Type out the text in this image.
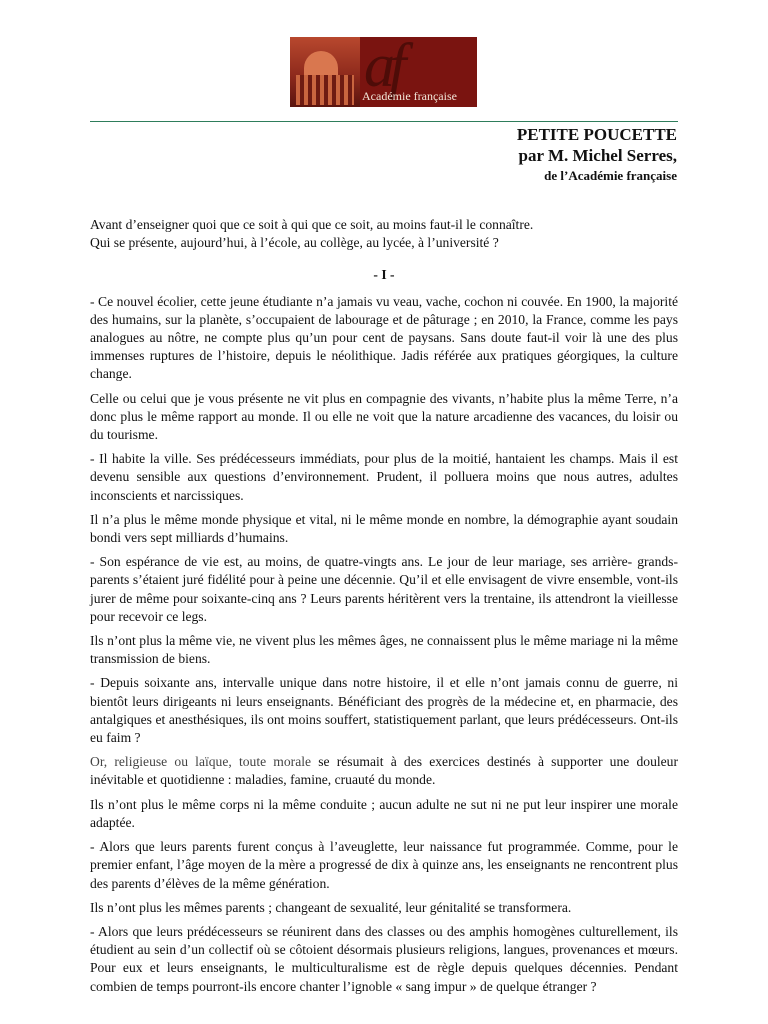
af
Académie française
PETITE POUCETTE
par M. Michel Serres,
de l’Académie française

Avant d’enseigner quoi que ce soit à qui que ce soit, au moins faut-il le connaître.
Qui se présente, aujourd’hui, à l’école, au collège, au lycée, à l’université ?

- I -

- Ce nouvel écolier, cette jeune étudiante n’a jamais vu veau, vache, cochon ni couvée. En 1900, la majorité des humains, sur la planète, s’occupaient de labourage et de pâturage ; en 2010, la France, comme les pays analogues au nôtre, ne compte plus qu’un pour cent de paysans. Sans doute faut-il voir là une des plus immenses ruptures de l’histoire, depuis le néolithique. Jadis référée aux pratiques géorgiques, la culture change.

Celle ou celui que je vous présente ne vit plus en compagnie des vivants, n’habite plus la même Terre, n’a donc plus le même rapport au monde. Il ou elle ne voit que la nature arcadienne des vacances, du loisir ou du tourisme.

- Il habite la ville. Ses prédécesseurs immédiats, pour plus de la moitié, hantaient les champs. Mais il est devenu sensible aux questions d’environnement. Prudent, il polluera moins que nous autres, adultes inconscients et narcissiques.

Il n’a plus le même monde physique et vital, ni le même monde en nombre, la démographie ayant soudain bondi vers sept milliards d’humains.

- Son espérance de vie est, au moins, de quatre-vingts ans. Le jour de leur mariage, ses arrière- grands-parents s’étaient juré fidélité pour à peine une décennie. Qu’il et elle envisagent de vivre ensemble, vont-ils jurer de même pour soixante-cinq ans ? Leurs parents héritèrent vers la trentaine, ils attendront la vieillesse pour recevoir ce legs.

Ils n’ont plus la même vie, ne vivent plus les mêmes âges, ne connaissent plus le même mariage ni la même transmission de biens.

- Depuis soixante ans, intervalle unique dans notre histoire, il et elle n’ont jamais connu de guerre, ni bientôt leurs dirigeants ni leurs enseignants. Bénéficiant des progrès de la médecine et, en pharmacie, des antalgiques et anesthésiques, ils ont moins souffert, statistiquement parlant, que leurs prédécesseurs. Ont-ils eu faim ?

Or, religieuse ou laïque, toute morale se résumait à des exercices destinés à supporter une douleur inévitable et quotidienne : maladies, famine, cruauté du monde.

Ils n’ont plus le même corps ni la même conduite ; aucun adulte ne sut ni ne put leur inspirer une morale adaptée.

- Alors que leurs parents furent conçus à l’aveuglette, leur naissance fut programmée. Comme, pour le premier enfant, l’âge moyen de la mère a progressé de dix à quinze ans, les enseignants ne rencontrent plus des parents d’élèves de la même génération.

Ils n’ont plus les mêmes parents ; changeant de sexualité, leur génitalité se transformera.

- Alors que leurs prédécesseurs se réunirent dans des classes ou des amphis homogènes culturellement, ils étudient au sein d’un collectif où se côtoient désormais plusieurs religions, langues, provenances et mœurs. Pour eux et leurs enseignants, le multiculturalisme est de règle depuis quelques décennies. Pendant combien de temps pourront-ils encore chanter l’ignoble « sang impur » de quelque étranger ?
